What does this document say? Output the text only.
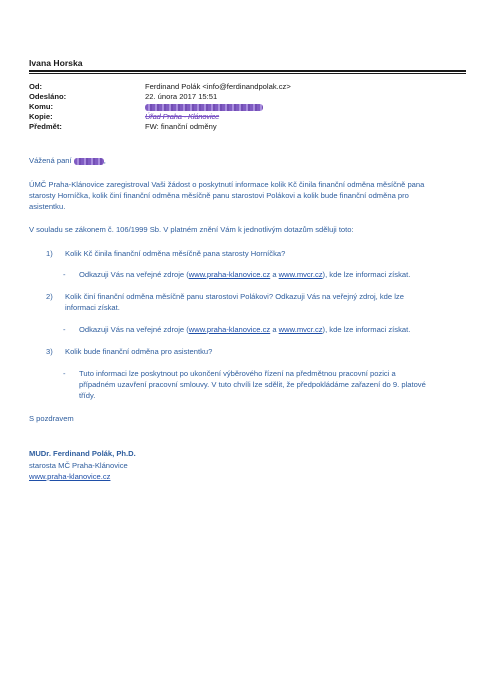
Ivana Horska
Od:	Ferdinand Polák <info@ferdinandpolak.cz>
Odesláno:	22. února 2017 15:51
Komu:
Kopie:	Úřad Praha - Klánovice
Předmět:	FW: finanční odměny
Vážená paní	,
ÚMČ Praha-Klánovice zaregistroval Vaši žádost o poskytnutí informace kolik Kč činila finanční odměna měsíčně pana
starosty Horníčka, kolik činí finanční odměna měsíčně panu starostovi Polákovi a kolik bude finanční odměna pro
asistentku.
V souladu se zákonem č. 106/1999 Sb. V platném znění Vám k jednotlivým dotazům sděluji toto:
1) Kolik Kč činila finanční odměna měsíčně panа starosty Horníčka?
- Odkazuji Vás na veřejné zdroje (www.praha-klanovice.cz a www.mvcr.cz), kde lze informaci získat.
2) Kolik činí finanční odměna měsíčně panu starostovi Polákovi? Odkazuji Vás na veřejný zdroj, kde lze
informaci získat.
- Odkazuji Vás na veřejné zdroje (www.praha-klanovice.cz a www.mvcr.cz), kde lze informaci získat.
3) Kolik bude finanční odměna pro asistentku?
- Tuto informaci lze poskytnout po ukončení výběrového řízení na předmětnou pracovní pozici a
případném uzavření pracovní smlouvy. V tuto chvíli lze sdělit, že předpokládáme zařazení do 9. platové
třídy.
S pozdravem
MUDr. Ferdinand Polák, Ph.D.
starosta MČ Praha-Klánovice
www.praha-klanovice.cz
